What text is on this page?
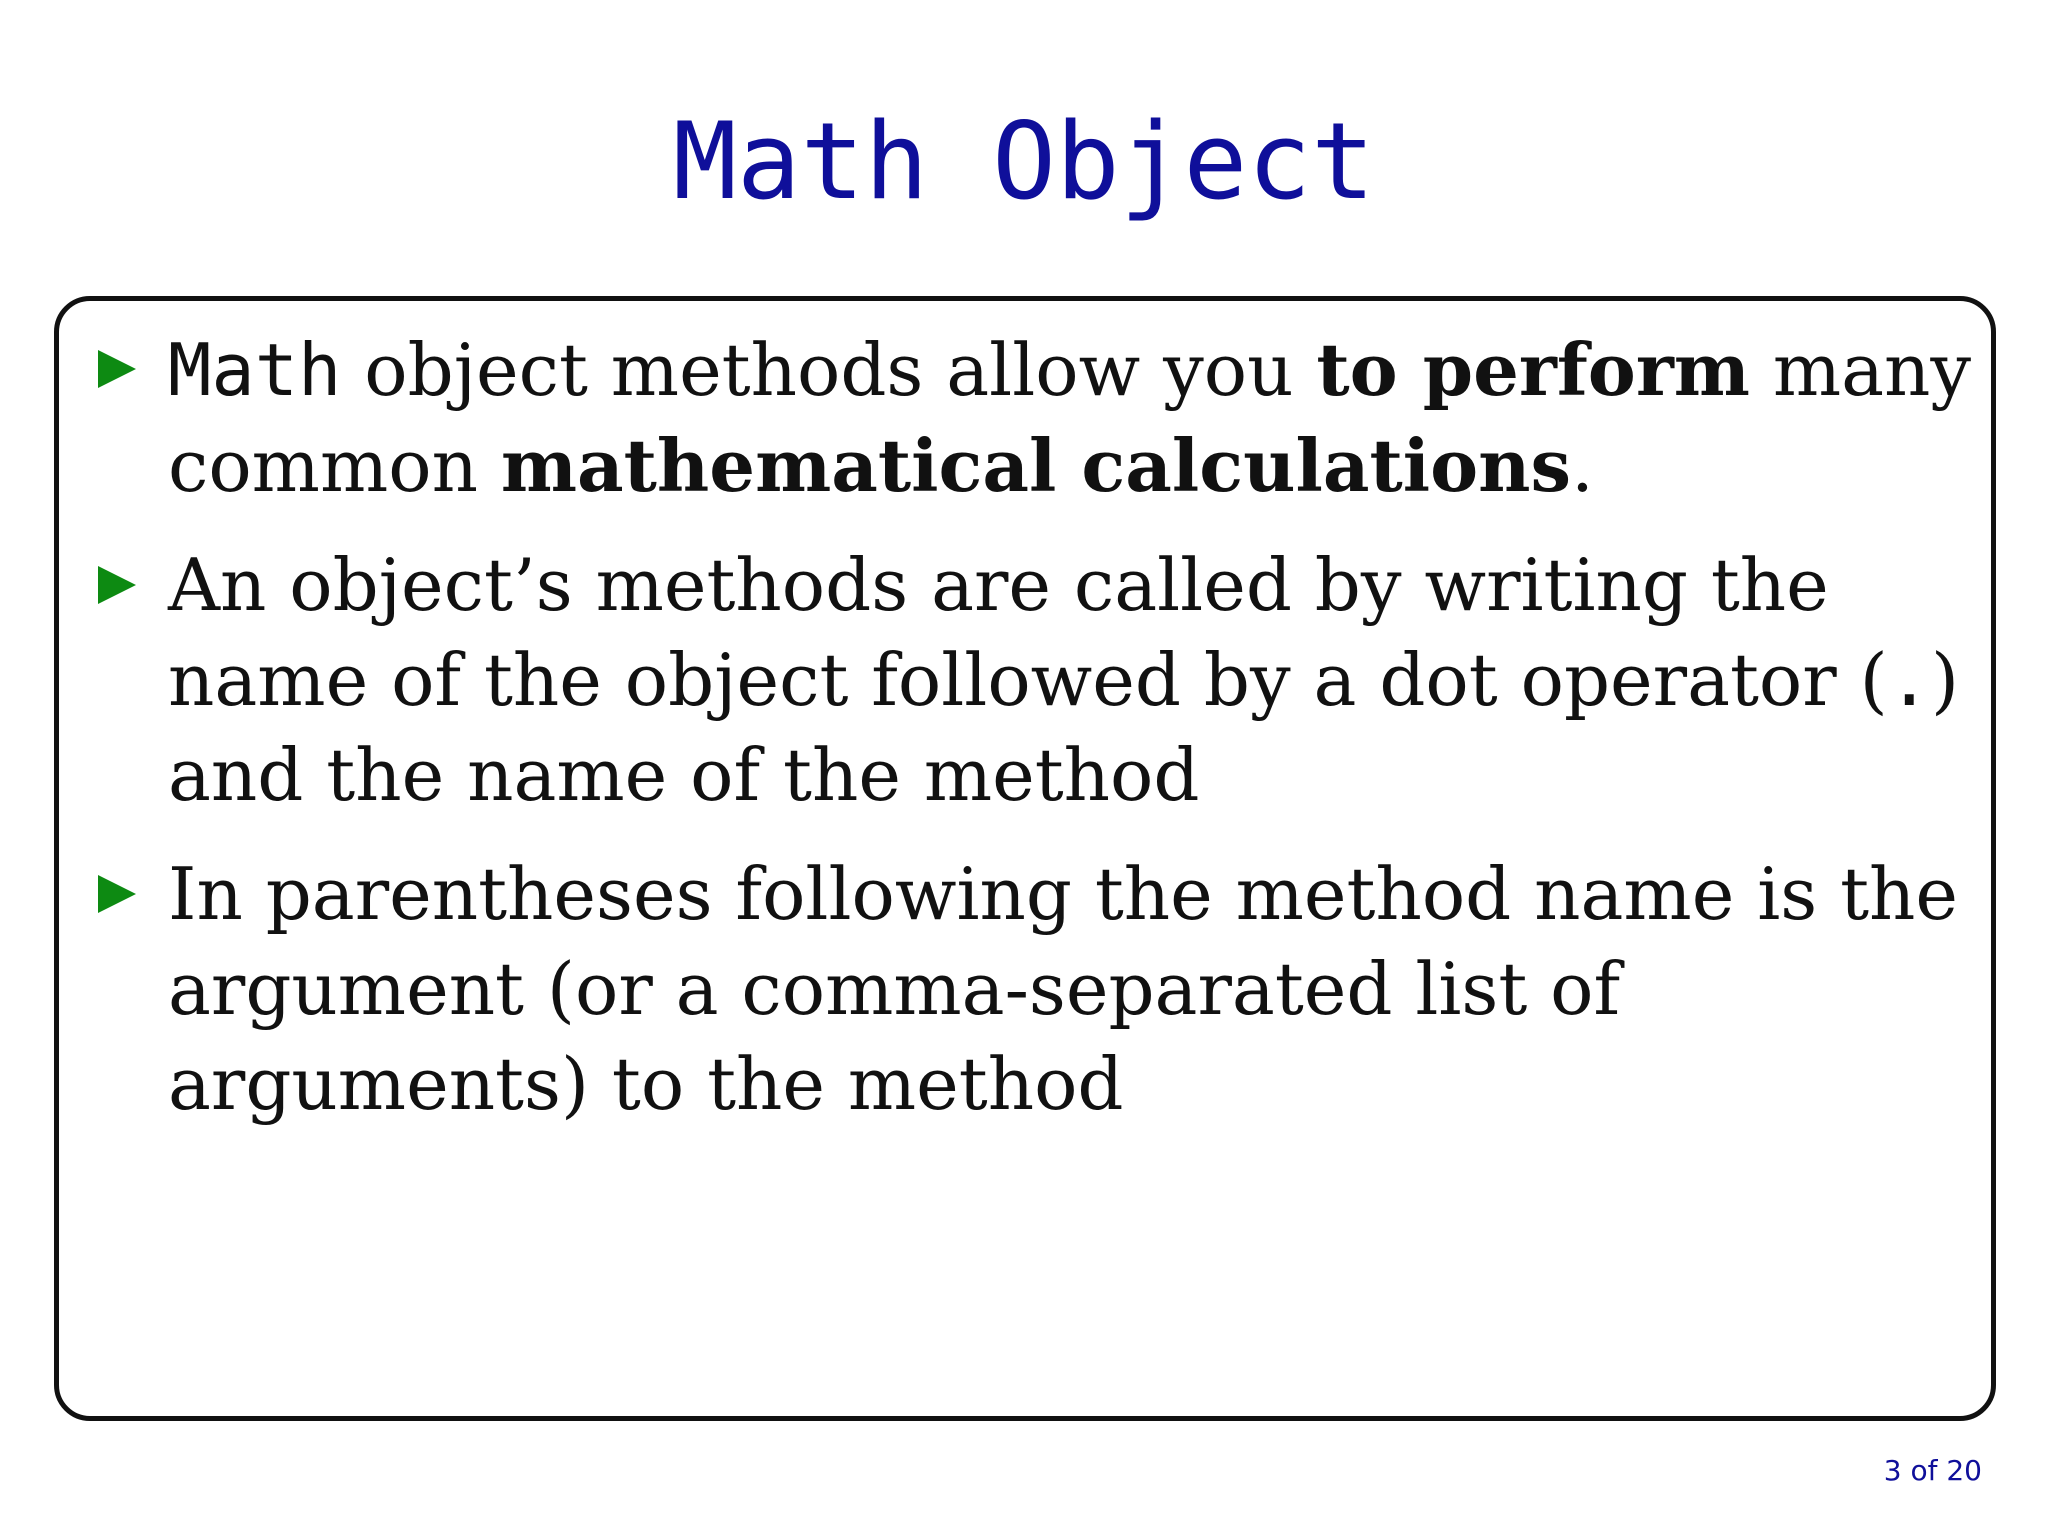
Math Object
Math object methods allow you to perform many common mathematical calculations.
An object’s methods are called by writing the name of the object followed by a dot operator (.) and the name of the method
In parentheses following the method name is the argument (or a comma-separated list of arguments) to the method
3 of 20
